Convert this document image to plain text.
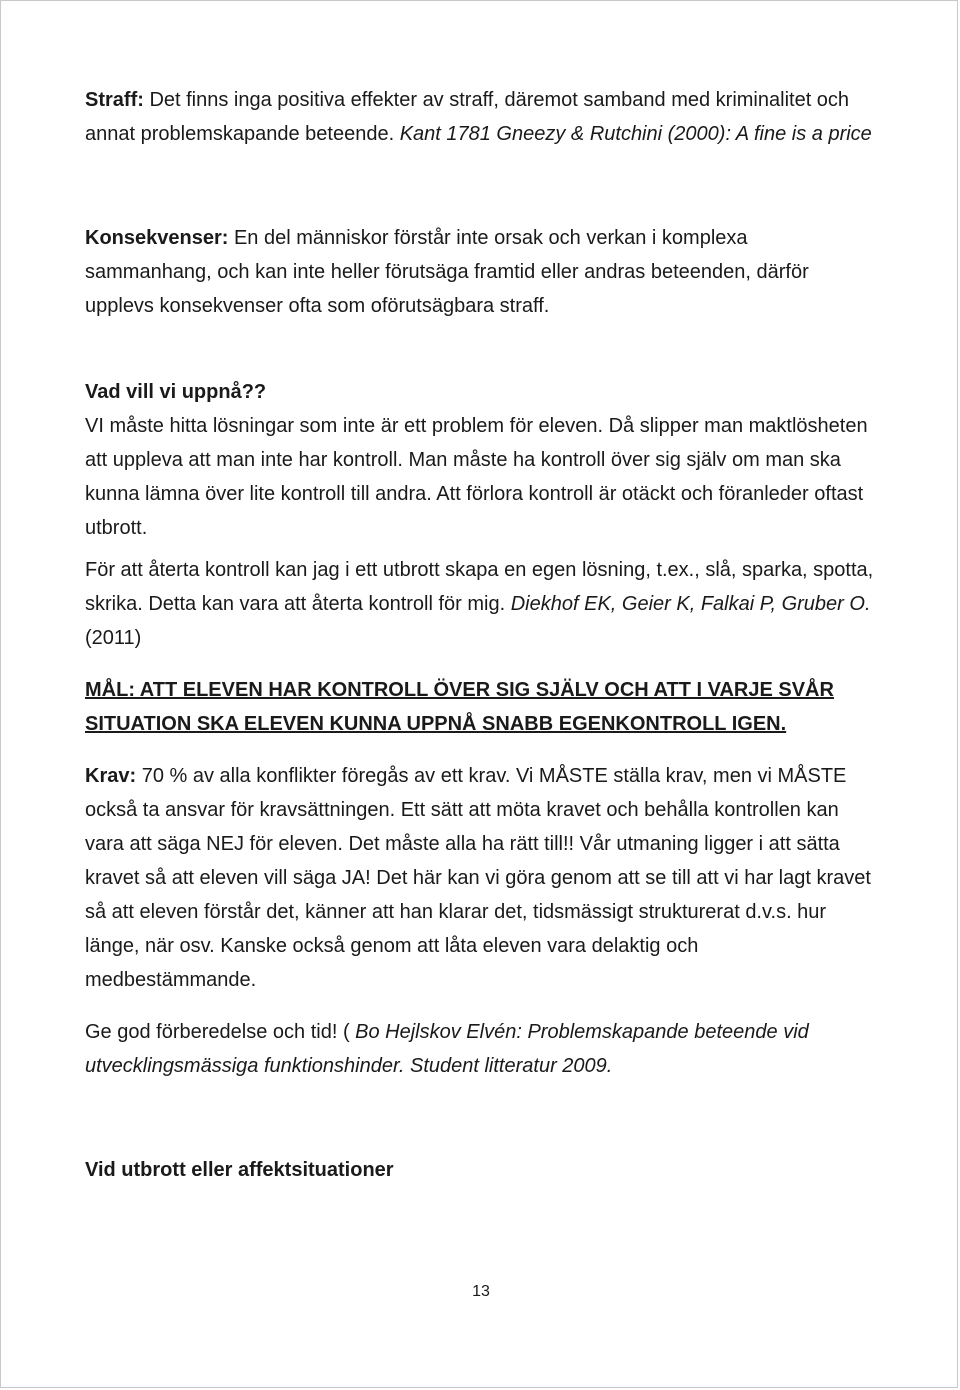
Straff: Det finns inga positiva effekter av straff, däremot samband med kriminalitet och annat problemskapande beteende. Kant 1781 Gneezy & Rutchini (2000): A fine is a price

Konsekvenser: En del människor förstår inte orsak och verkan i komplexa sammanhang, och kan inte heller förutsäga framtid eller andras beteenden, därför upplevs konsekvenser ofta som oförutsägbara straff.

Vad vill vi uppnå??

VI måste hitta lösningar som inte är ett problem för eleven. Då slipper man maktlösheten att uppleva att man inte har kontroll. Man måste ha kontroll över sig själv om man ska kunna lämna över lite kontroll till andra. Att förlora kontroll är otäckt och föranleder oftast utbrott.

För att återta kontroll kan jag i ett utbrott skapa en egen lösning, t.ex., slå, sparka, spotta, skrika. Detta kan vara att återta kontroll för mig. Diekhof EK, Geier K, Falkai P, Gruber O. (2011)

MÅL: ATT ELEVEN HAR KONTROLL ÖVER SIG SJÄLV OCH ATT I VARJE SVÅR SITUATION SKA ELEVEN KUNNA UPPNÅ SNABB EGENKONTROLL IGEN.

Krav: 70 % av alla konflikter föregås av ett krav. Vi MÅSTE ställa krav, men vi MÅSTE också ta ansvar för kravsättningen. Ett sätt att möta kravet och behålla kontrollen kan vara att säga NEJ för eleven. Det måste alla ha rätt till!! Vår utmaning ligger i att sätta kravet så att eleven vill säga JA! Det här kan vi göra genom att se till att vi har lagt kravet så att eleven förstår det, känner att han klarar det, tidsmässigt strukturerat d.v.s. hur länge, när osv. Kanske också genom att låta eleven vara delaktig och medbestämmande.

Ge god förberedelse och tid! ( Bo Hejlskov Elvén: Problemskapande beteende vid utvecklingsmässiga funktionshinder. Student litteratur 2009.

Vid utbrott eller affektsituationer

13
